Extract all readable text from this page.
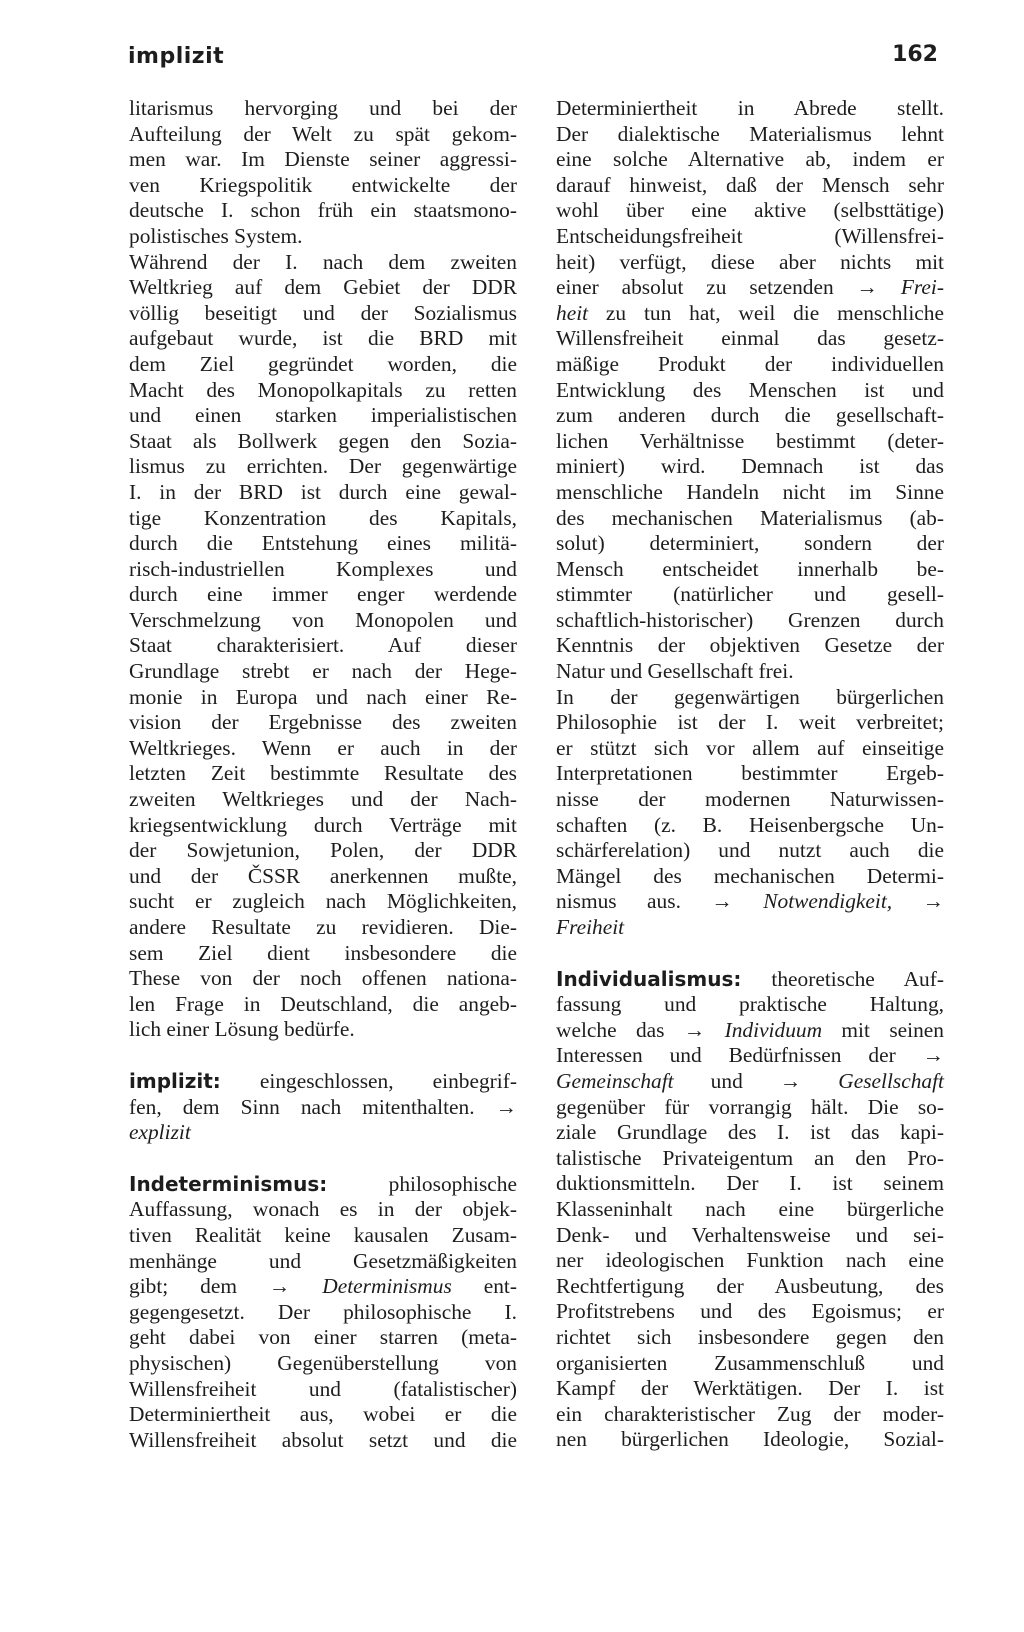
implizit	162
litarismus hervorging und bei der
Aufteilung der Welt zu spät gekom-
men war. Im Dienste seiner aggressi-
ven Kriegspolitik entwickelte der
deutsche I. schon früh ein staatsmono-
polistisches System.
Während der I. nach dem zweiten
Weltkrieg auf dem Gebiet der DDR
völlig beseitigt und der Sozialismus
aufgebaut wurde, ist die BRD mit
dem Ziel gegründet worden, die
Macht des Monopolkapitals zu retten
und einen starken imperialistischen
Staat als Bollwerk gegen den Sozia-
lismus zu errichten. Der gegenwärtige
I. in der BRD ist durch eine gewal-
tige Konzentration des Kapitals,
durch die Entstehung eines militä-
risch-industriellen Komplexes und
durch eine immer enger werdende
Verschmelzung von Monopolen und
Staat charakterisiert. Auf dieser
Grundlage strebt er nach der Hege-
monie in Europa und nach einer Re-
vision der Ergebnisse des zweiten
Weltkrieges. Wenn er auch in der
letzten Zeit bestimmte Resultate des
zweiten Weltkrieges und der Nach-
kriegsentwicklung durch Verträge mit
der Sowjetunion, Polen, der DDR
und der ČSSR anerkennen mußte,
sucht er zugleich nach Möglichkeiten,
andere Resultate zu revidieren. Die-
sem Ziel dient insbesondere die
These von der noch offenen nationa-
len Frage in Deutschland, die angeb-
lich einer Lösung bedürfe.
implizit: eingeschlossen, einbegrif-
fen, dem Sinn nach mitenthalten. →
explizit
Indeterminismus:	philosophische
Auffassung, wonach es in der objek-
tiven Realität keine kausalen Zusam-
menhänge und Gesetzmäßigkeiten
gibt; dem → Determinismus ent-
gegengesetzt. Der philosophische I.
geht dabei von einer starren (meta-
physischen) Gegenüberstellung von
Willensfreiheit und (fatalistischer)
Determiniertheit aus, wobei er die
Willensfreiheit absolut setzt und die
Determiniertheit in Abrede stellt.
Der dialektische Materialismus lehnt
eine solche Alternative ab, indem er
darauf hinweist, daß der Mensch sehr
wohl über eine aktive (selbsttätige)
Entscheidungsfreiheit (Willensfrei-
heit) verfügt, diese aber nichts mit
einer absolut zu setzenden → Frei-
heit zu tun hat, weil die menschliche
Willensfreiheit einmal das gesetz-
mäßige Produkt der individuellen
Entwicklung des Menschen ist und
zum anderen durch die gesellschaft-
lichen Verhältnisse bestimmt (deter-
miniert) wird. Demnach ist das
menschliche Handeln nicht im Sinne
des mechanischen Materialismus (ab-
solut) determiniert, sondern der
Mensch entscheidet innerhalb be-
stimmter (natürlicher und gesell-
schaftlich-historischer) Grenzen durch
Kenntnis der objektiven Gesetze der
Natur und Gesellschaft frei.
In der gegenwärtigen bürgerlichen
Philosophie ist der I. weit verbreitet;
er stützt sich vor allem auf einseitige
Interpretationen bestimmter Ergeb-
nisse der modernen Naturwissen-
schaften (z. B. Heisenbergsche Un-
schärferelation) und nutzt auch die
Mängel des mechanischen Determi-
nismus aus. → Notwendigkeit, →
Freiheit
Individualismus: theoretische Auf-
fassung und praktische Haltung,
welche das → Individuum mit seinen
Interessen und Bedürfnissen der →
Gemeinschaft und → Gesellschaft
gegenüber für vorrangig hält. Die so-
ziale Grundlage des I. ist das kapi-
talistische Privateigentum an den Pro-
duktionsmitteln. Der I. ist seinem
Klasseninhalt nach eine bürgerliche
Denk- und Verhaltensweise und sei-
ner ideologischen Funktion nach eine
Rechtfertigung der Ausbeutung, des
Profitstrebens und des Egoismus; er
richtet sich insbesondere gegen den
organisierten Zusammenschluß und
Kampf der Werktätigen. Der I. ist
ein charakteristischer Zug der moder-
nen bürgerlichen Ideologie, Sozial-
